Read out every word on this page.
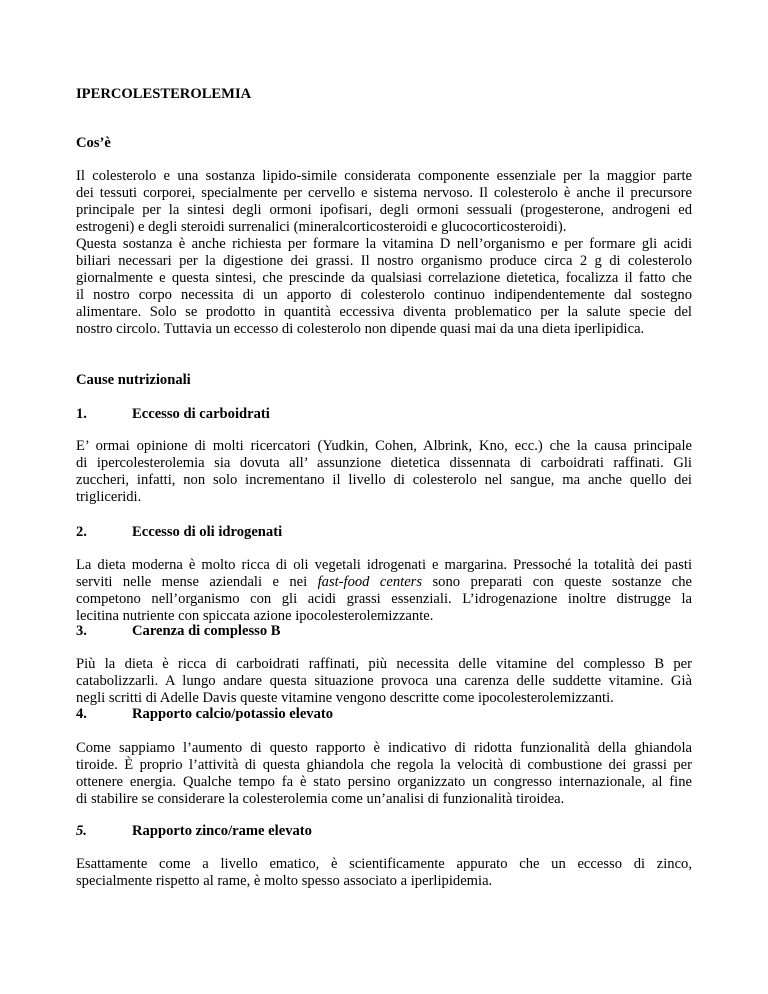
IPERCOLESTEROLEMIA
Cos’è
Il colesterolo e una sostanza lipido-simile considerata componente essenziale per la maggior parte
dei tessuti corporei, specialmente per cervello e sistema nervoso. Il colesterolo è anche il precursore
principale per la sintesi degli ormoni ipofisari, degli ormoni sessuali (progesterone, androgeni ed
estrogeni) e degli steroidi surrenalici (mineralcorticosteroidi e glucocorticosteroidi).
Questa sostanza è anche richiesta per formare la vitamina D nell’organismo e per formare gli acidi
biliari necessari per la digestione dei grassi. Il nostro organismo produce circa 2 g di colesterolo
giornalmente e questa sintesi, che prescinde da qualsiasi correlazione dietetica, focalizza il fatto che
il nostro corpo necessita di un apporto di colesterolo continuo indipendentemente dal sostegno
alimentare. Solo se prodotto in quantità eccessiva diventa problematico per la salute specie del
nostro circolo. Tuttavia un eccesso di colesterolo non dipende quasi mai da una dieta iperlipidica.
Cause nutrizionali
1.	Eccesso di carboidrati
E’ ormai opinione di molti ricercatori (Yudkin, Cohen, Albrink, Kno, ecc.) che la causa principale
di ipercolesterolemia sia dovuta all’ assunzione dietetica dissennata di carboidrati raffinati. Gli
zuccheri, infatti, non solo incrementano il livello di colesterolo nel sangue, ma anche quello dei
trigliceridi.
2.	Eccesso di oli idrogenati
La dieta moderna è molto ricca di oli vegetali idrogenati e margarina. Pressoché la totalità dei pasti
serviti nelle mense aziendali e nei fast-food centers sono preparati con queste sostanze che
competono nell’organismo con gli acidi grassi essenziali. L’idrogenazione inoltre distrugge la
lecitina nutriente con spiccata azione ipocolesterolemizzante.
3.	Carenza di complesso B
Più la dieta è ricca di carboidrati raffinati, più necessita delle vitamine del complesso B per
catabolizzarli. A lungo andare questa situazione provoca una carenza delle suddette vitamine. Già
negli scritti di Adelle Davis queste vitamine vengono descritte come ipocolesterolemizzanti.
4.	Rapporto calcio/potassio elevato
Come sappiamo l’aumento di questo rapporto è indicativo di ridotta funzionalità della ghiandola
tiroide. È proprio l’attività di questa ghiandola che regola la velocità di combustione dei grassi per
ottenere energia. Qualche tempo fa è stato persino organizzato un congresso internazionale, al fine
di stabilire se considerare la colesterolemia come un’analisi di funzionalità tiroidea.
5.	Rapporto zinco/rame elevato
Esattamente come a livello ematico, è scientificamente appurato che un eccesso di zinco,
specialmente rispetto al rame, è molto spesso associato a iperlipidemia.
